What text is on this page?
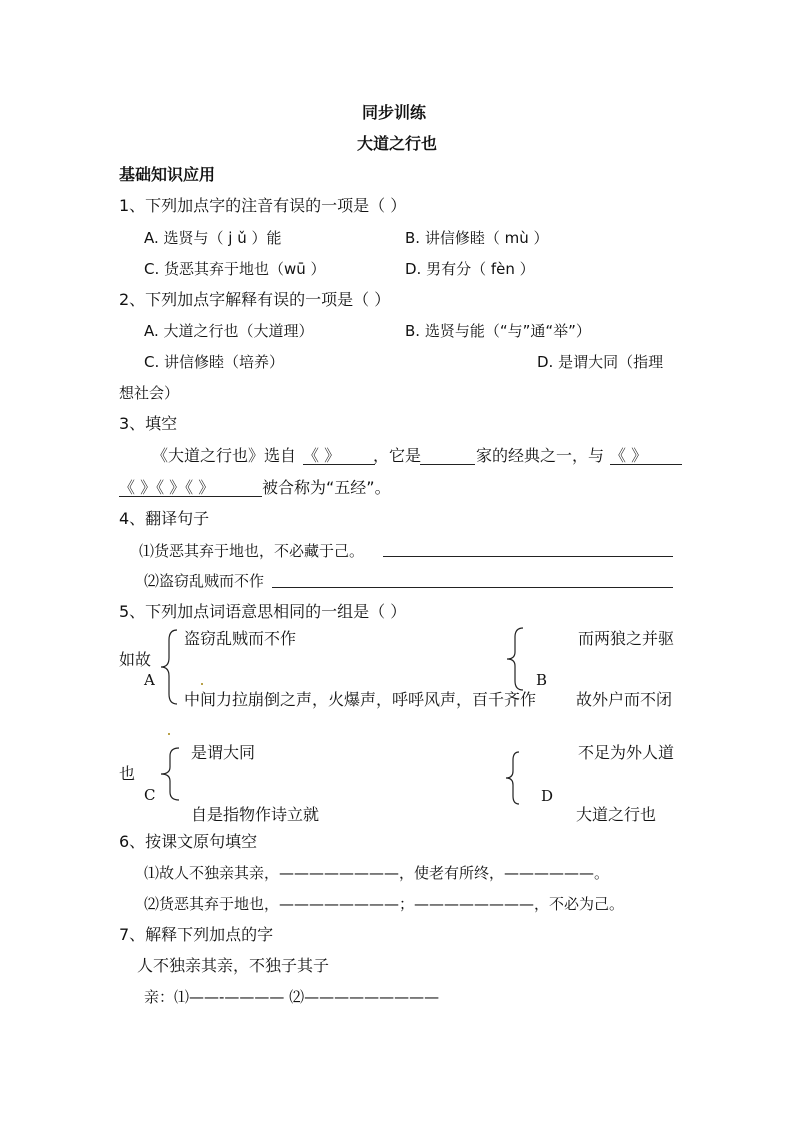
同步训练
大道之行也
基础知识应用
1、下列加点字的注音有误的一项是（ ）
A. 选贤与（ j ǔ ）能	B. 讲信修睦（ mù ）
C. 货恶其弃于地也（wū ）	D. 男有分（ fèn ）
2、下列加点字解释有误的一项是（ ）
A. 大道之行也（大道理）	B. 选贤与能（“与”通“举”）
C. 讲信修睦（培养）	D. 是谓大同（指理
想社会）
3、填空
《大道之行也》选自 《 》 ，它是	家的经典之一，与 《 》
《 》《 》《 》	被合称为“五经”。
4、翻译句子
⑴货恶其弃于地也，不必藏于己。
⑵盗窃乱贼而不作
5、下列加点词语意思相同的一组是（ ）
盗窃乱贼而不作
如故
A
中间力拉崩倒之声，火爆声，呼呼风声，百千齐作
而两狼之并驱
B
故外户而不闭
是谓大同
也
C
自是指物作诗立就
不足为外人道
D
大道之行也
6、按课文原句填空
⑴故人不独亲其亲，————————，使老有所终，——————。
⑵货恶其弃于地也，————————；————————，不必为己。
7、解释下列加点的字
人不独亲其亲，不独子其子
亲：⑴——-———— ⑵—————————
